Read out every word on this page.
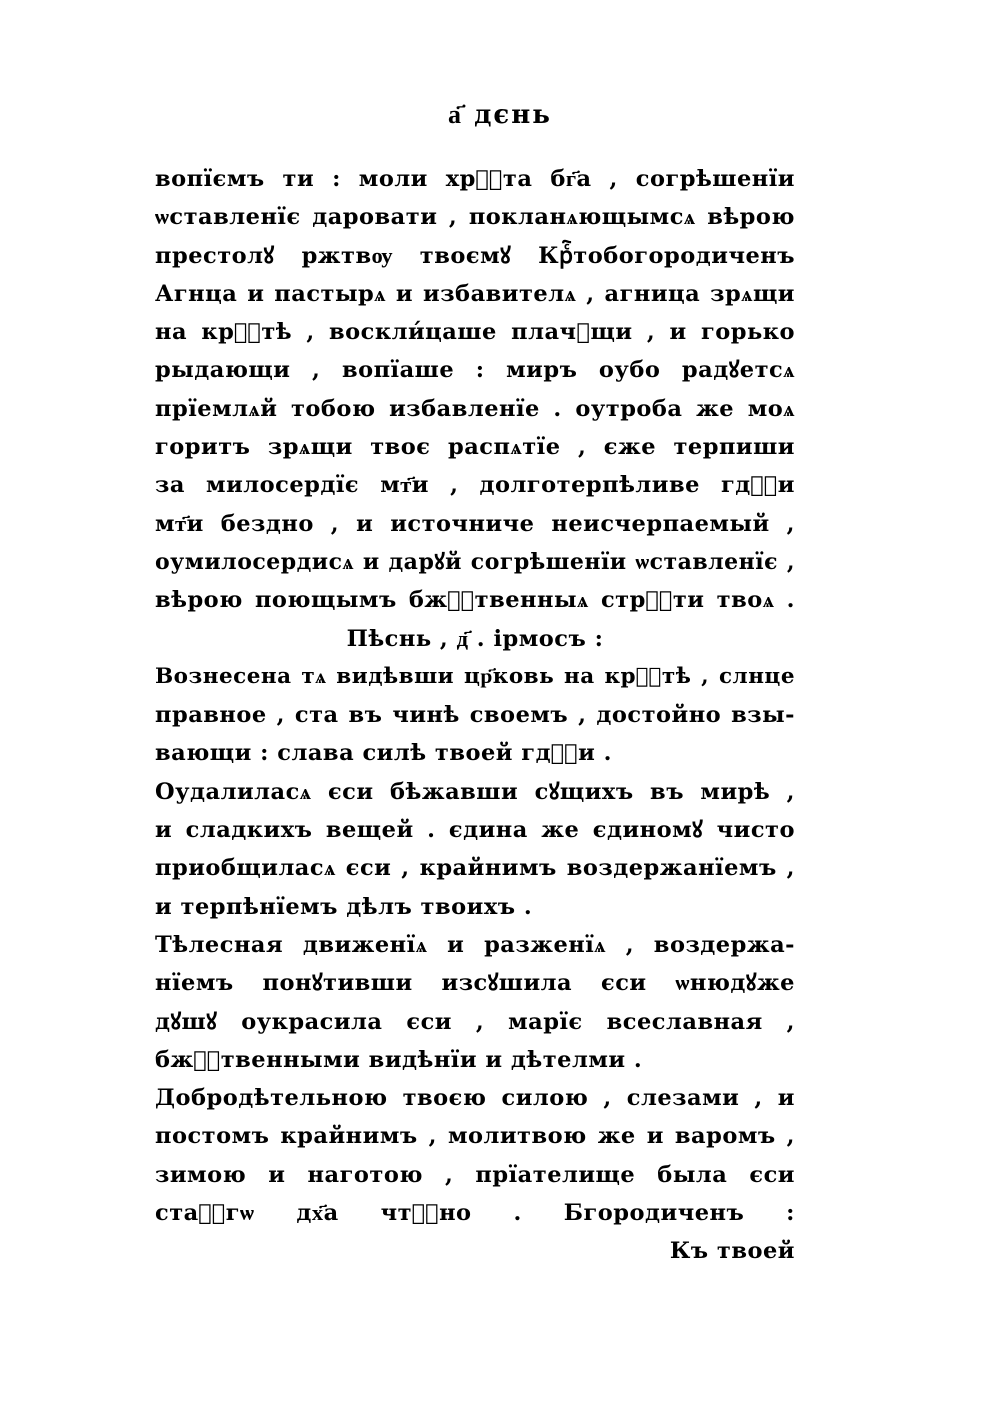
а҃ дєнь
вопїємъ ти : моли хрⷭ҇та бг҃а , согрѣшенїи
ѡставленїє даровати , покланѧющымсѧ вѣрою
престолꙋ ржтвѹ твоємꙋ Крⷭ҇тобогородиченъ
Агнца и пастырѧ и избавителѧ , агница зрѧщи
на крⷭ҇тѣ , воскли́цаше плачꙋщи , и горько
рыдающи , вопїаше : миръ оубо радꙋетсѧ
прїемлѧй тобою избавленїе . оутроба же моѧ
горитъ зрѧщи твоє распѧтїе , єже терпиши
за милосердїє мт҃и , долготерпѣливе гдⷭ҇и
мт҃и бездно , и источниче неисчерпаемый ,
оумилосердисѧ и дарꙋй согрѣшенїи ѡставленїє ,
вѣрою поющымъ бжⷭ҇твенныѧ стрⷭ҇ти твоѧ .
Пѣснь , д҃ . ірмосъ :
Вознесена тѧ видѣвши цр҃ковь на крⷭ҇тѣ , слнце
правное , ста въ чинѣ своемъ , достойно взы-
вающи : слава силѣ твоей гдⷭ҇и .
Оудалиласѧ єси бѣжавши сꙋщихъ въ мирѣ ,
и сладкихъ вещей . єдина же єдиномꙋ чисто
приобщиласѧ єси , крайнимъ воздержанїемъ ,
и терпѣнїемъ дѣлъ твоихъ .
Тѣлесная движенїѧ и разженїѧ , воздержа-
нїемъ понꙋтивши изсꙋшила єси ѡнюдꙋже
дꙋшꙋ оукрасила єси , марїє всеславная ,
бжⷭ҇твенными видѣнїи и дѣтелми .
Добродѣтельною твоєю силою , слезами , и
постомъ крайнимъ , молитвою же и варомъ ,
зимою и наготою , прїателище была єси
стаⷢ҇гѡ дх҃а чтⷭ҇но . Бгородиченъ :
Къ твоей
